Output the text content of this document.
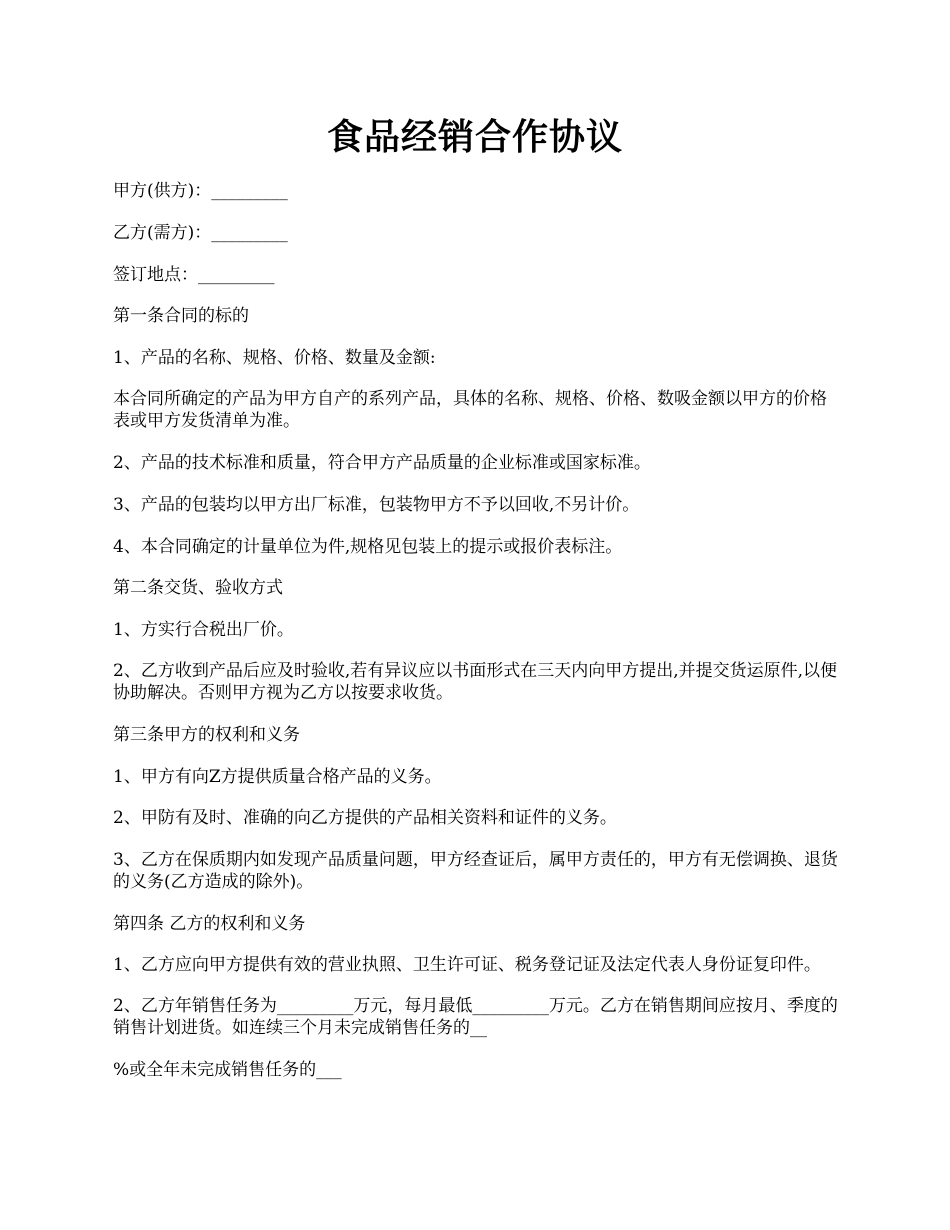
食品经销合作协议

甲方(供方)：_________

乙方(需方)：_________

签订地点：_________

第一条合同的标的

1、产品的名称、规格、价格、数量及金额:

本合同所确定的产品为甲方自产的系列产品，具体的名称、规格、价格、数吸金额以甲方的价格表或甲方发货清单为准。

2、产品的技术标准和质量，符合甲方产品质量的企业标准或国家标准。

3、产品的包装均以甲方出厂标准，包装物甲方不予以回收,不另计价。

4、本合同确定的计量单位为件,规格见包装上的提示或报价表标注。

第二条交货、验收方式

1、方实行合税出厂价。

2、乙方收到产品后应及时验收,若有异议应以书面形式在三天内向甲方提出,并提交货运原件,以便协助解决。否则甲方视为乙方以按要求收货。

第三条甲方的权利和义务

1、甲方有向Z方提供质量合格产品的义务。

2、甲防有及时、准确的向乙方提供的产品相关资料和证件的义务。

3、乙方在保质期内如发现产品质量问题，甲方经查证后，属甲方责任的，甲方有无偿调换、退货的义务(乙方造成的除外)。

第四条 乙方的权利和义务

1、乙方应向甲方提供有效的营业执照、卫生许可证、税务登记证及法定代表人身份证复印件。

2、乙方年销售任务为_________万元，每月最低_________万元。乙方在销售期间应按月、季度的销售计划进货。如连续三个月未完成销售任务的__

%或全年未完成销售任务的___
